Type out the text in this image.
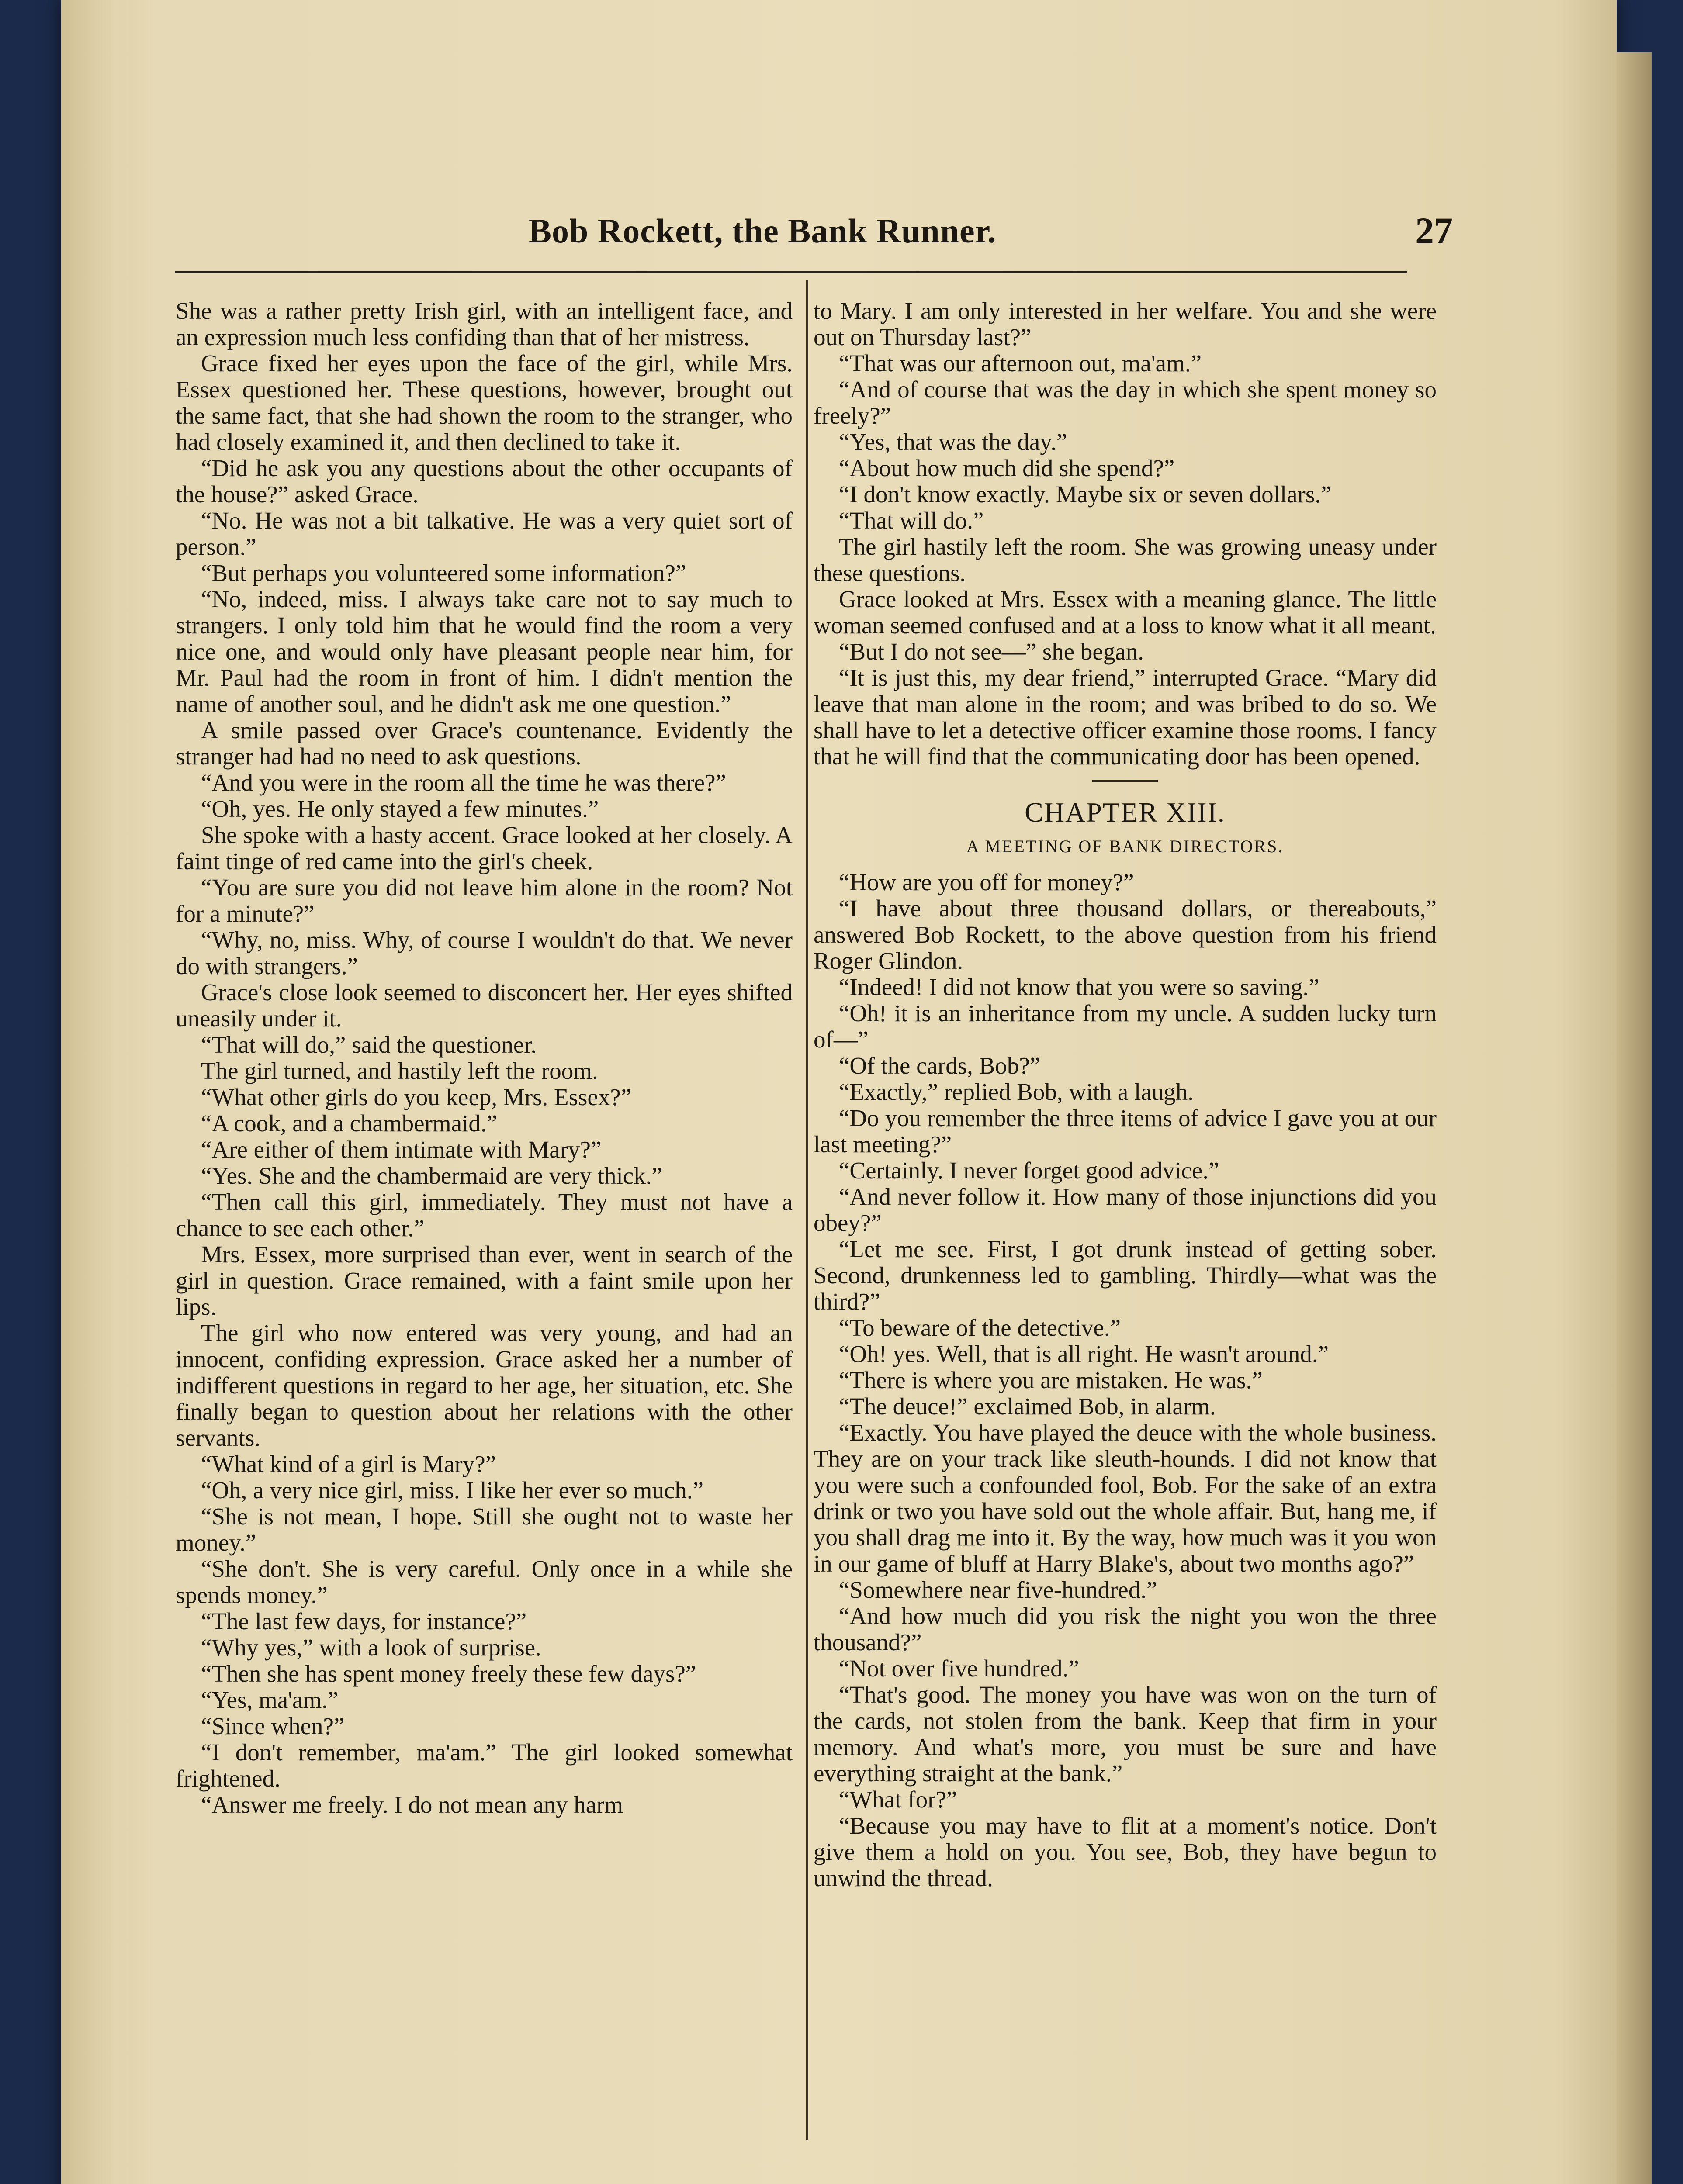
Bob Rockett, the Bank Runner.	27

She was a rather pretty Irish girl, with an intelligent face, and an expression much less confiding than that of her mistress.

Grace fixed her eyes upon the face of the girl, while Mrs. Essex questioned her. These questions, however, brought out the same fact, that she had shown the room to the stranger, who had closely examined it, and then declined to take it.

“Did he ask you any questions about the other occupants of the house?” asked Grace.

“No. He was not a bit talkative. He was a very quiet sort of person.”

“But perhaps you volunteered some information?”

“No, indeed, miss. I always take care not to say much to strangers. I only told him that he would find the room a very nice one, and would only have pleasant people near him, for Mr. Paul had the room in front of him. I didn't mention the name of another soul, and he didn't ask me one question.”

A smile passed over Grace's countenance. Evidently the stranger had had no need to ask questions.

“And you were in the room all the time he was there?”

“Oh, yes. He only stayed a few minutes.”

She spoke with a hasty accent. Grace looked at her closely. A faint tinge of red came into the girl's cheek.

“You are sure you did not leave him alone in the room? Not for a minute?”

“Why, no, miss. Why, of course I wouldn't do that. We never do with strangers.”

Grace's close look seemed to disconcert her. Her eyes shifted uneasily under it.

“That will do,” said the questioner.

The girl turned, and hastily left the room.

“What other girls do you keep, Mrs. Essex?”

“A cook, and a chambermaid.”

“Are either of them intimate with Mary?”

“Yes. She and the chambermaid are very thick.”

“Then call this girl, immediately. They must not have a chance to see each other.”

Mrs. Essex, more surprised than ever, went in search of the girl in question. Grace remained, with a faint smile upon her lips.

The girl who now entered was very young, and had an innocent, confiding expression. Grace asked her a number of indifferent questions in regard to her age, her situation, etc. She finally began to question about her relations with the other servants.

“What kind of a girl is Mary?”

“Oh, a very nice girl, miss. I like her ever so much.”

“She is not mean, I hope. Still she ought not to waste her money.”

“She don't. She is very careful. Only once in a while she spends money.”

“The last few days, for instance?”

“Why yes,” with a look of surprise.

“Then she has spent money freely these few days?”

“Yes, ma'am.”

“Since when?”

“I don't remember, ma'am.” The girl looked somewhat frightened.

“Answer me freely. I do not mean any harm

to Mary. I am only interested in her welfare. You and she were out on Thursday last?”

“That was our afternoon out, ma'am.”

“And of course that was the day in which she spent money so freely?”

“Yes, that was the day.”

“About how much did she spend?”

“I don't know exactly. Maybe six or seven dollars.”

“That will do.”

The girl hastily left the room. She was growing uneasy under these questions.

Grace looked at Mrs. Essex with a meaning glance. The little woman seemed confused and at a loss to know what it all meant.

“But I do not see—” she began.

“It is just this, my dear friend,” interrupted Grace. “Mary did leave that man alone in the room; and was bribed to do so. We shall have to let a detective officer examine those rooms. I fancy that he will find that the communicating door has been opened.

CHAPTER XIII.
A MEETING OF BANK DIRECTORS.

“How are you off for money?”

“I have about three thousand dollars, or thereabouts,” answered Bob Rockett, to the above question from his friend Roger Glindon.

“Indeed! I did not know that you were so saving.”

“Oh! it is an inheritance from my uncle. A sudden lucky turn of—”

“Of the cards, Bob?”

“Exactly,” replied Bob, with a laugh.

“Do you remember the three items of advice I gave you at our last meeting?”

“Certainly. I never forget good advice.”

“And never follow it. How many of those injunctions did you obey?”

“Let me see. First, I got drunk instead of getting sober. Second, drunkenness led to gambling. Thirdly—what was the third?”

“To beware of the detective.”

“Oh! yes. Well, that is all right. He wasn't around.”

“There is where you are mistaken. He was.”

“The deuce!” exclaimed Bob, in alarm.

“Exactly. You have played the deuce with the whole business. They are on your track like sleuth-hounds. I did not know that you were such a confounded fool, Bob. For the sake of an extra drink or two you have sold out the whole affair. But, hang me, if you shall drag me into it. By the way, how much was it you won in our game of bluff at Harry Blake's, about two months ago?”

“Somewhere near five-hundred.”

“And how much did you risk the night you won the three thousand?”

“Not over five hundred.”

“That's good. The money you have was won on the turn of the cards, not stolen from the bank. Keep that firm in your memory. And what's more, you must be sure and have everything straight at the bank.”

“What for?”

“Because you may have to flit at a moment's notice. Don't give them a hold on you. You see, Bob, they have begun to unwind the thread.
